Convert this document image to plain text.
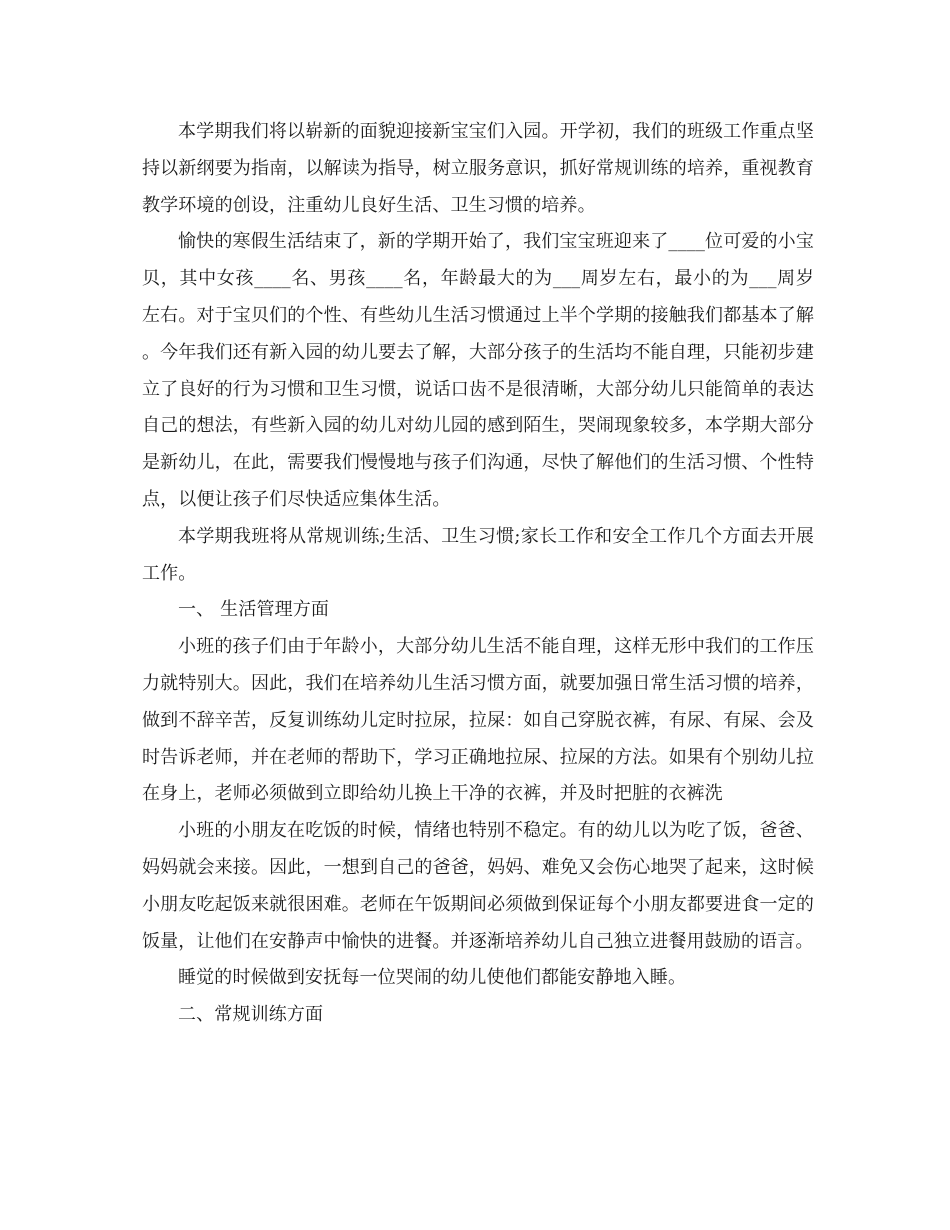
本学期我们将以崭新的面貌迎接新宝宝们入园。开学初，我们的班级工作重点坚持以新纲要为指南，以解读为指导，树立服务意识，抓好常规训练的培养，重视教育教学环境的创设，注重幼儿良好生活、卫生习惯的培养。

愉快的寒假生活结束了，新的学期开始了，我们宝宝班迎来了____位可爱的小宝贝，其中女孩____名、男孩____名，年龄最大的为___周岁左右，最小的为___周岁左右。对于宝贝们的个性、有些幼儿生活习惯通过上半个学期的接触我们都基本了解。今年我们还有新入园的幼儿要去了解，大部分孩子的生活均不能自理，只能初步建立了良好的行为习惯和卫生习惯，说话口齿不是很清晰，大部分幼儿只能简单的表达自己的想法，有些新入园的幼儿对幼儿园的感到陌生，哭闹现象较多，本学期大部分是新幼儿，在此，需要我们慢慢地与孩子们沟通，尽快了解他们的生活习惯、个性特点，以便让孩子们尽快适应集体生活。

本学期我班将从常规训练;生活、卫生习惯;家长工作和安全工作几个方面去开展工作。

一、 生活管理方面

小班的孩子们由于年龄小，大部分幼儿生活不能自理，这样无形中我们的工作压力就特别大。因此，我们在培养幼儿生活习惯方面，就要加强日常生活习惯的培养，做到不辞辛苦，反复训练幼儿定时拉尿，拉屎：如自己穿脱衣裤，有尿、有屎、会及时告诉老师，并在老师的帮助下，学习正确地拉尿、拉屎的方法。如果有个别幼儿拉在身上，老师必须做到立即给幼儿换上干净的衣裤，并及时把脏的衣裤洗

小班的小朋友在吃饭的时候，情绪也特别不稳定。有的幼儿以为吃了饭，爸爸、妈妈就会来接。因此，一想到自己的爸爸，妈妈、难免又会伤心地哭了起来，这时候小朋友吃起饭来就很困难。老师在午饭期间必须做到保证每个小朋友都要进食一定的饭量，让他们在安静声中愉快的进餐。并逐渐培养幼儿自己独立进餐用鼓励的语言。

睡觉的时候做到安抚每一位哭闹的幼儿使他们都能安静地入睡。

二、常规训练方面
